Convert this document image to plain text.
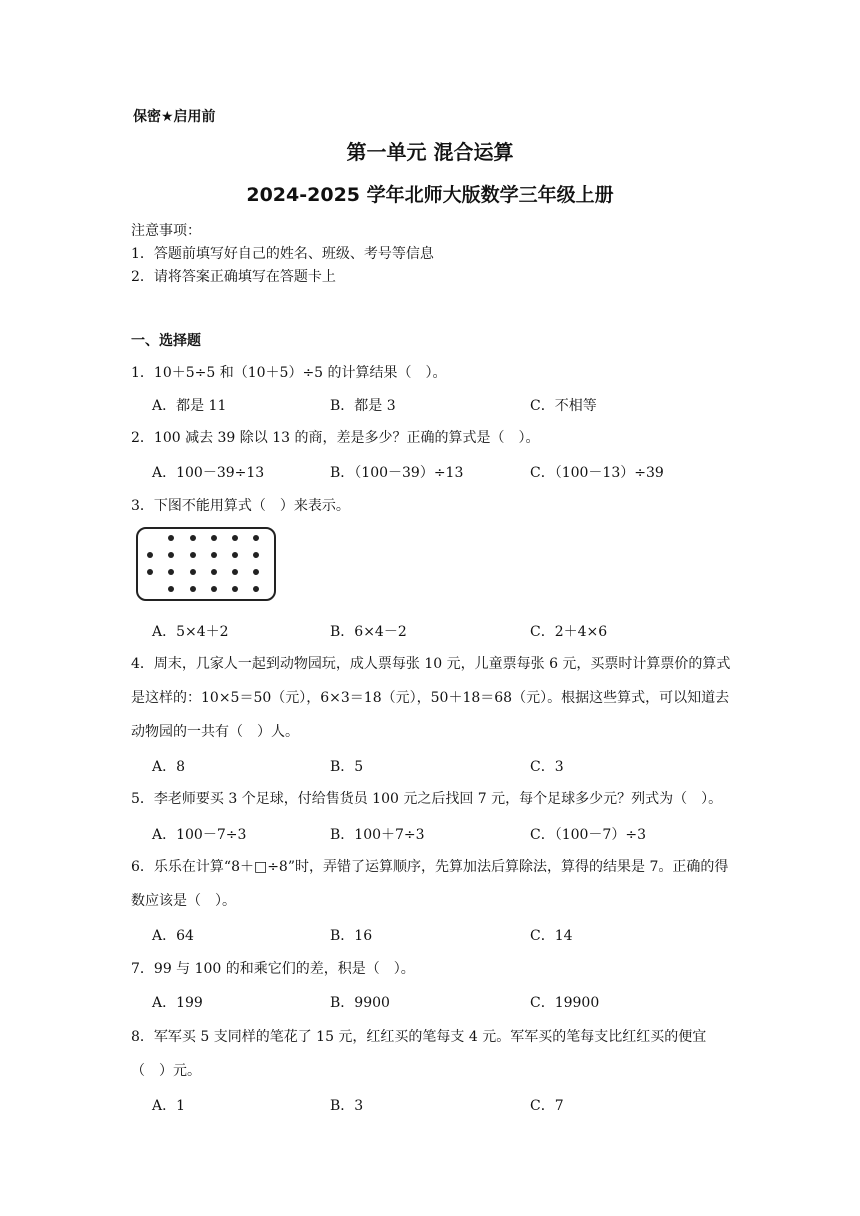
保密★启用前
第一单元 混合运算
2024-2025 学年北师大版数学三年级上册
注意事项：
1．答题前填写好自己的姓名、班级、考号等信息
2．请将答案正确填写在答题卡上
一、选择题
1．10＋5÷5 和（10＋5）÷5 的计算结果（　）。
A．都是 11	B．都是 3	C．不相等
2．100 减去 39 除以 13 的商，差是多少？正确的算式是（　）。
A．100－39÷13	B．（100－39）÷13	C．（100－13）÷39
3．下图不能用算式（　）来表示。
A．5×4＋2	B．6×4－2	C．2＋4×6
4．周末，几家人一起到动物园玩，成人票每张 10 元，儿童票每张 6 元，买票时计算票价的算式是这样的：10×5＝50（元），6×3＝18（元），50＋18＝68（元）。根据这些算式，可以知道去动物园的一共有（　）人。
A．8	B．5	C．3
5．李老师要买 3 个足球，付给售货员 100 元之后找回 7 元，每个足球多少元？列式为（　）。
A．100－7÷3	B．100＋7÷3	C．（100－7）÷3
6．乐乐在计算“8＋□÷8”时，弄错了运算顺序，先算加法后算除法，算得的结果是 7。正确的得数应该是（　）。
A．64	B．16	C．14
7．99 与 100 的和乘它们的差，积是（　）。
A．199	B．9900	C．19900
8．军军买 5 支同样的笔花了 15 元，红红买的笔每支 4 元。军军买的笔每支比红红买的便宜（　）元。
A．1	B．3	C．7
